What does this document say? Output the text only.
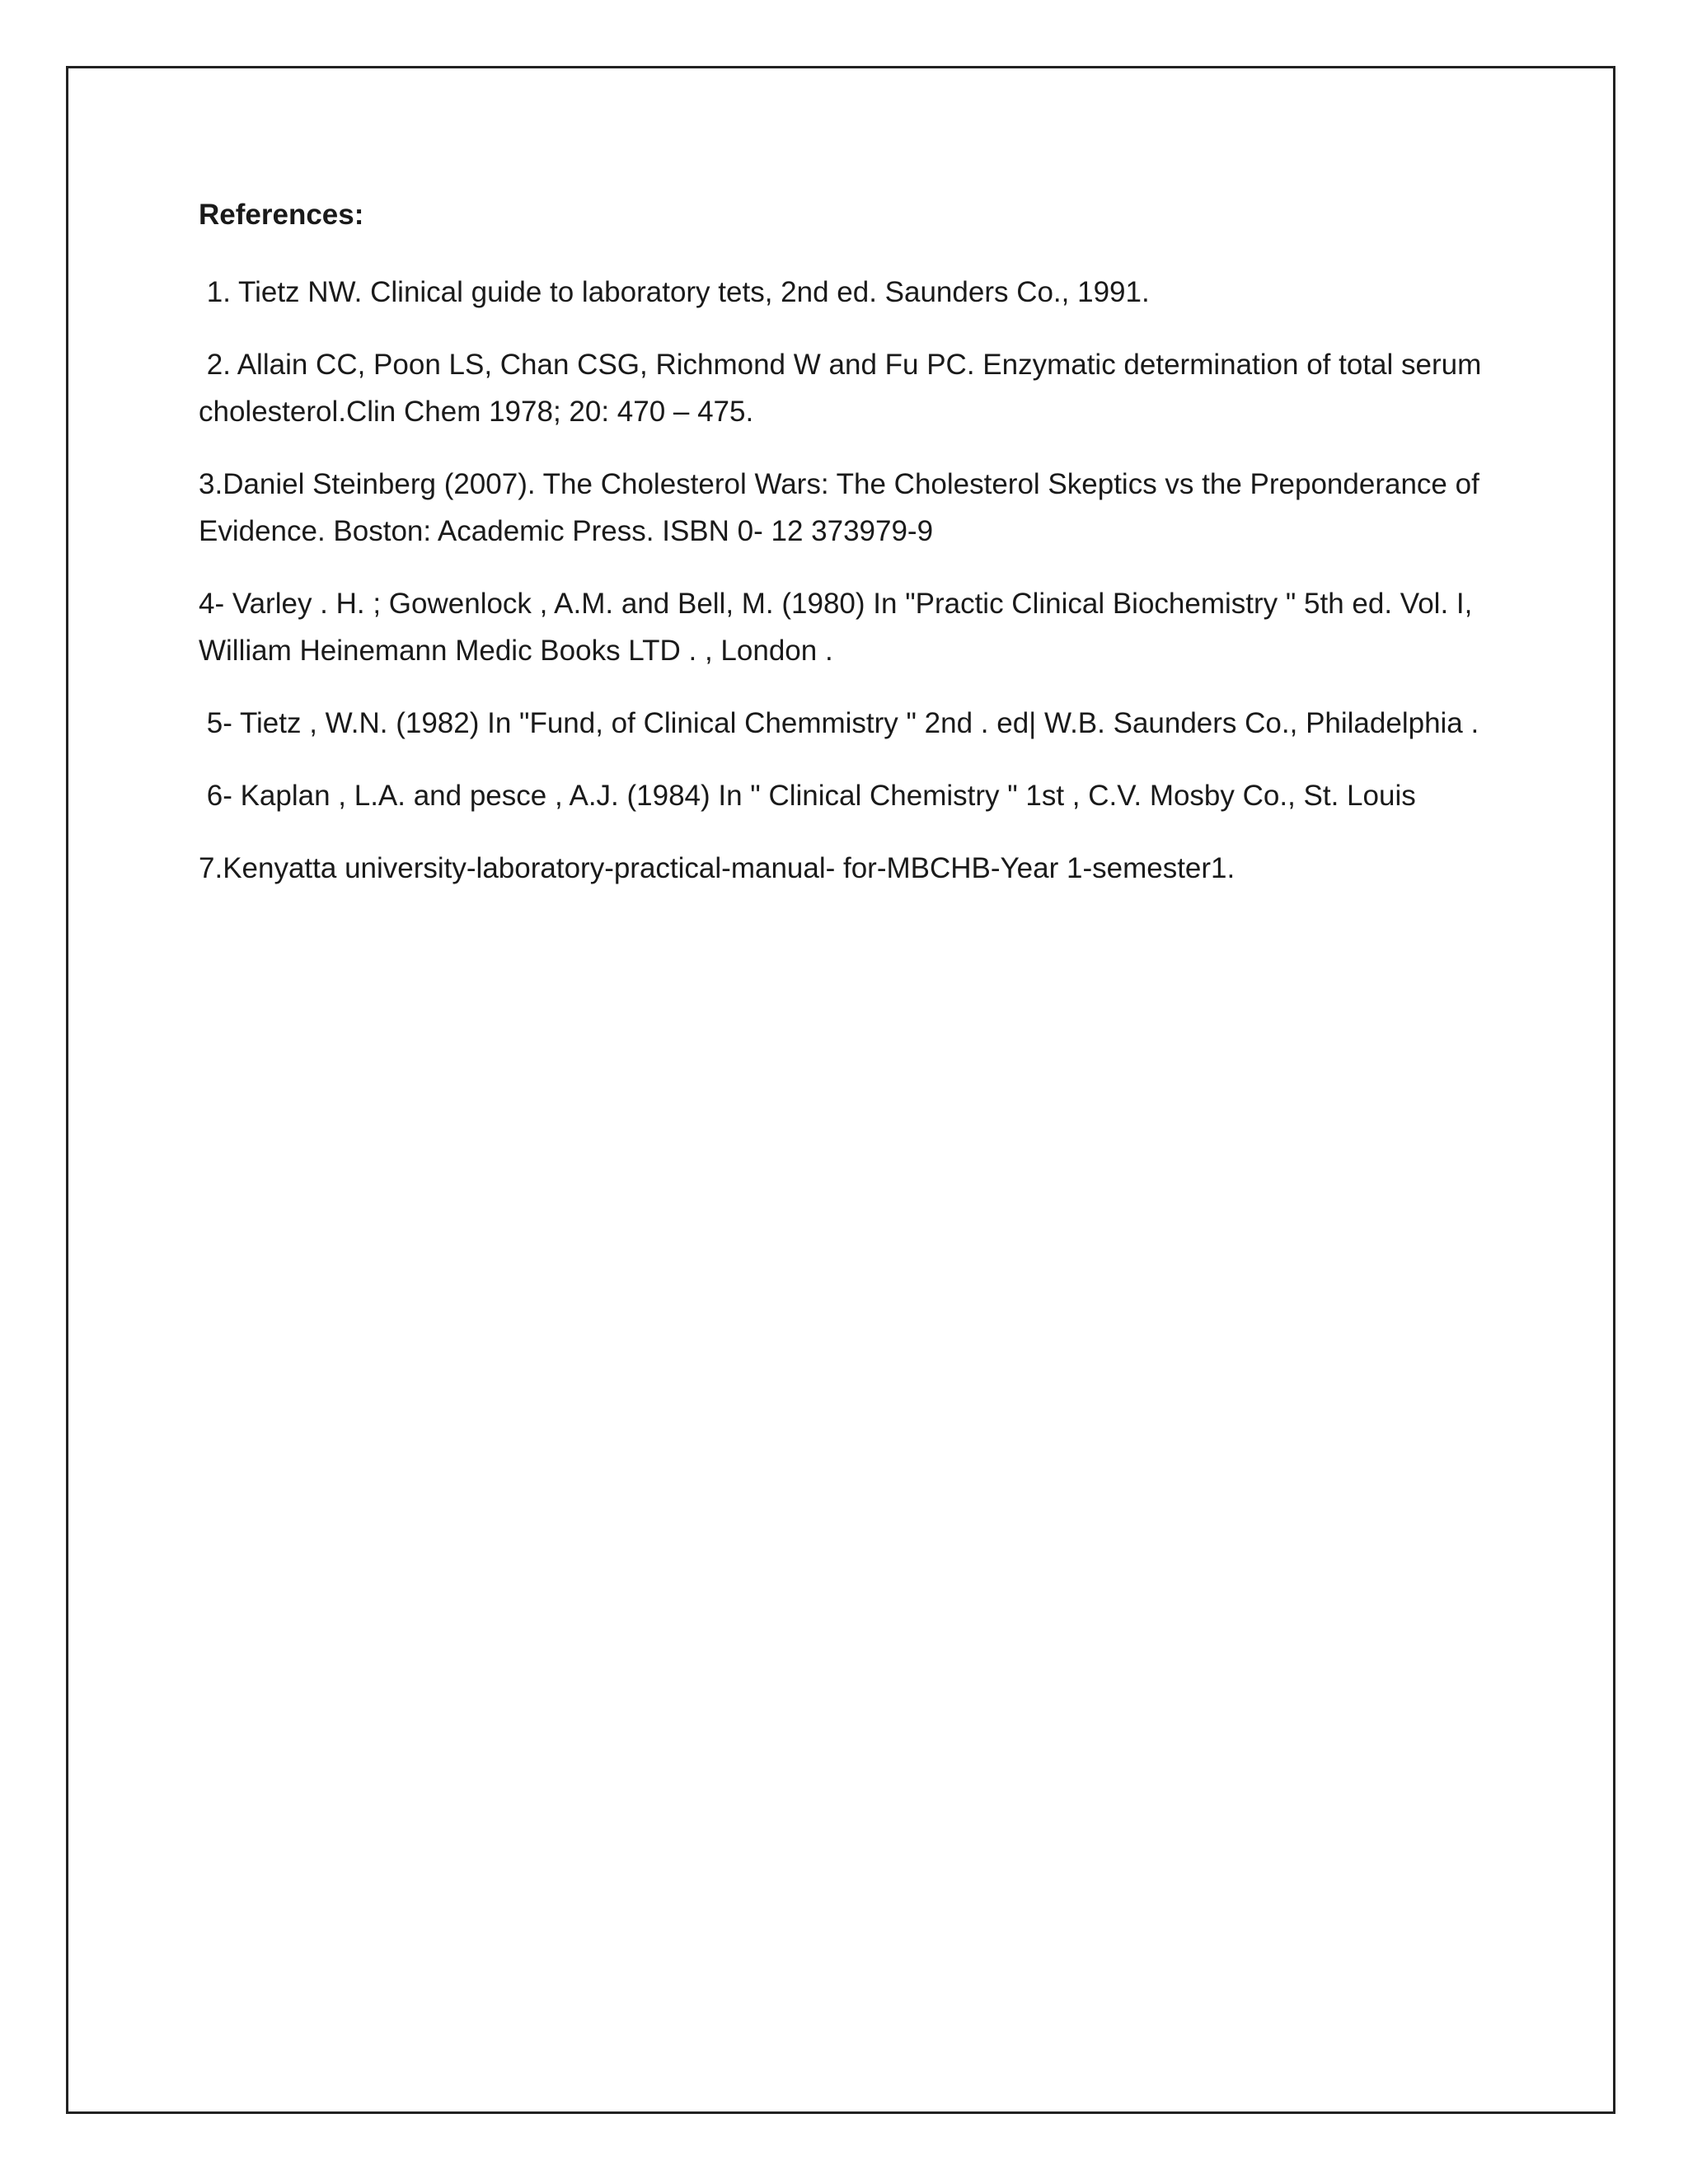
References:
1. Tietz NW. Clinical guide to laboratory tets, 2nd ed. Saunders Co., 1991.
2. Allain CC, Poon LS, Chan CSG, Richmond W and Fu PC. Enzymatic determination of total serum cholesterol.Clin Chem 1978; 20: 470 – 475.
3.Daniel Steinberg (2007). The Cholesterol Wars: The Cholesterol Skeptics vs the Preponderance of Evidence. Boston: Academic Press. ISBN 0- 12 373979-9
4- Varley . H. ; Gowenlock , A.M. and Bell, M. (1980) In "Practic Clinical Biochemistry " 5th ed. Vol. I, William Heinemann Medic Books LTD . , London .
5- Tietz , W.N. (1982) In "Fund, of Clinical Chemmistry " 2nd . ed| W.B. Saunders Co., Philadelphia .
6- Kaplan , L.A. and pesce , A.J. (1984) In " Clinical Chemistry " 1st , C.V. Mosby Co., St. Louis
7.Kenyatta university-laboratory-practical-manual- for-MBCHB-Year 1-semester1.
